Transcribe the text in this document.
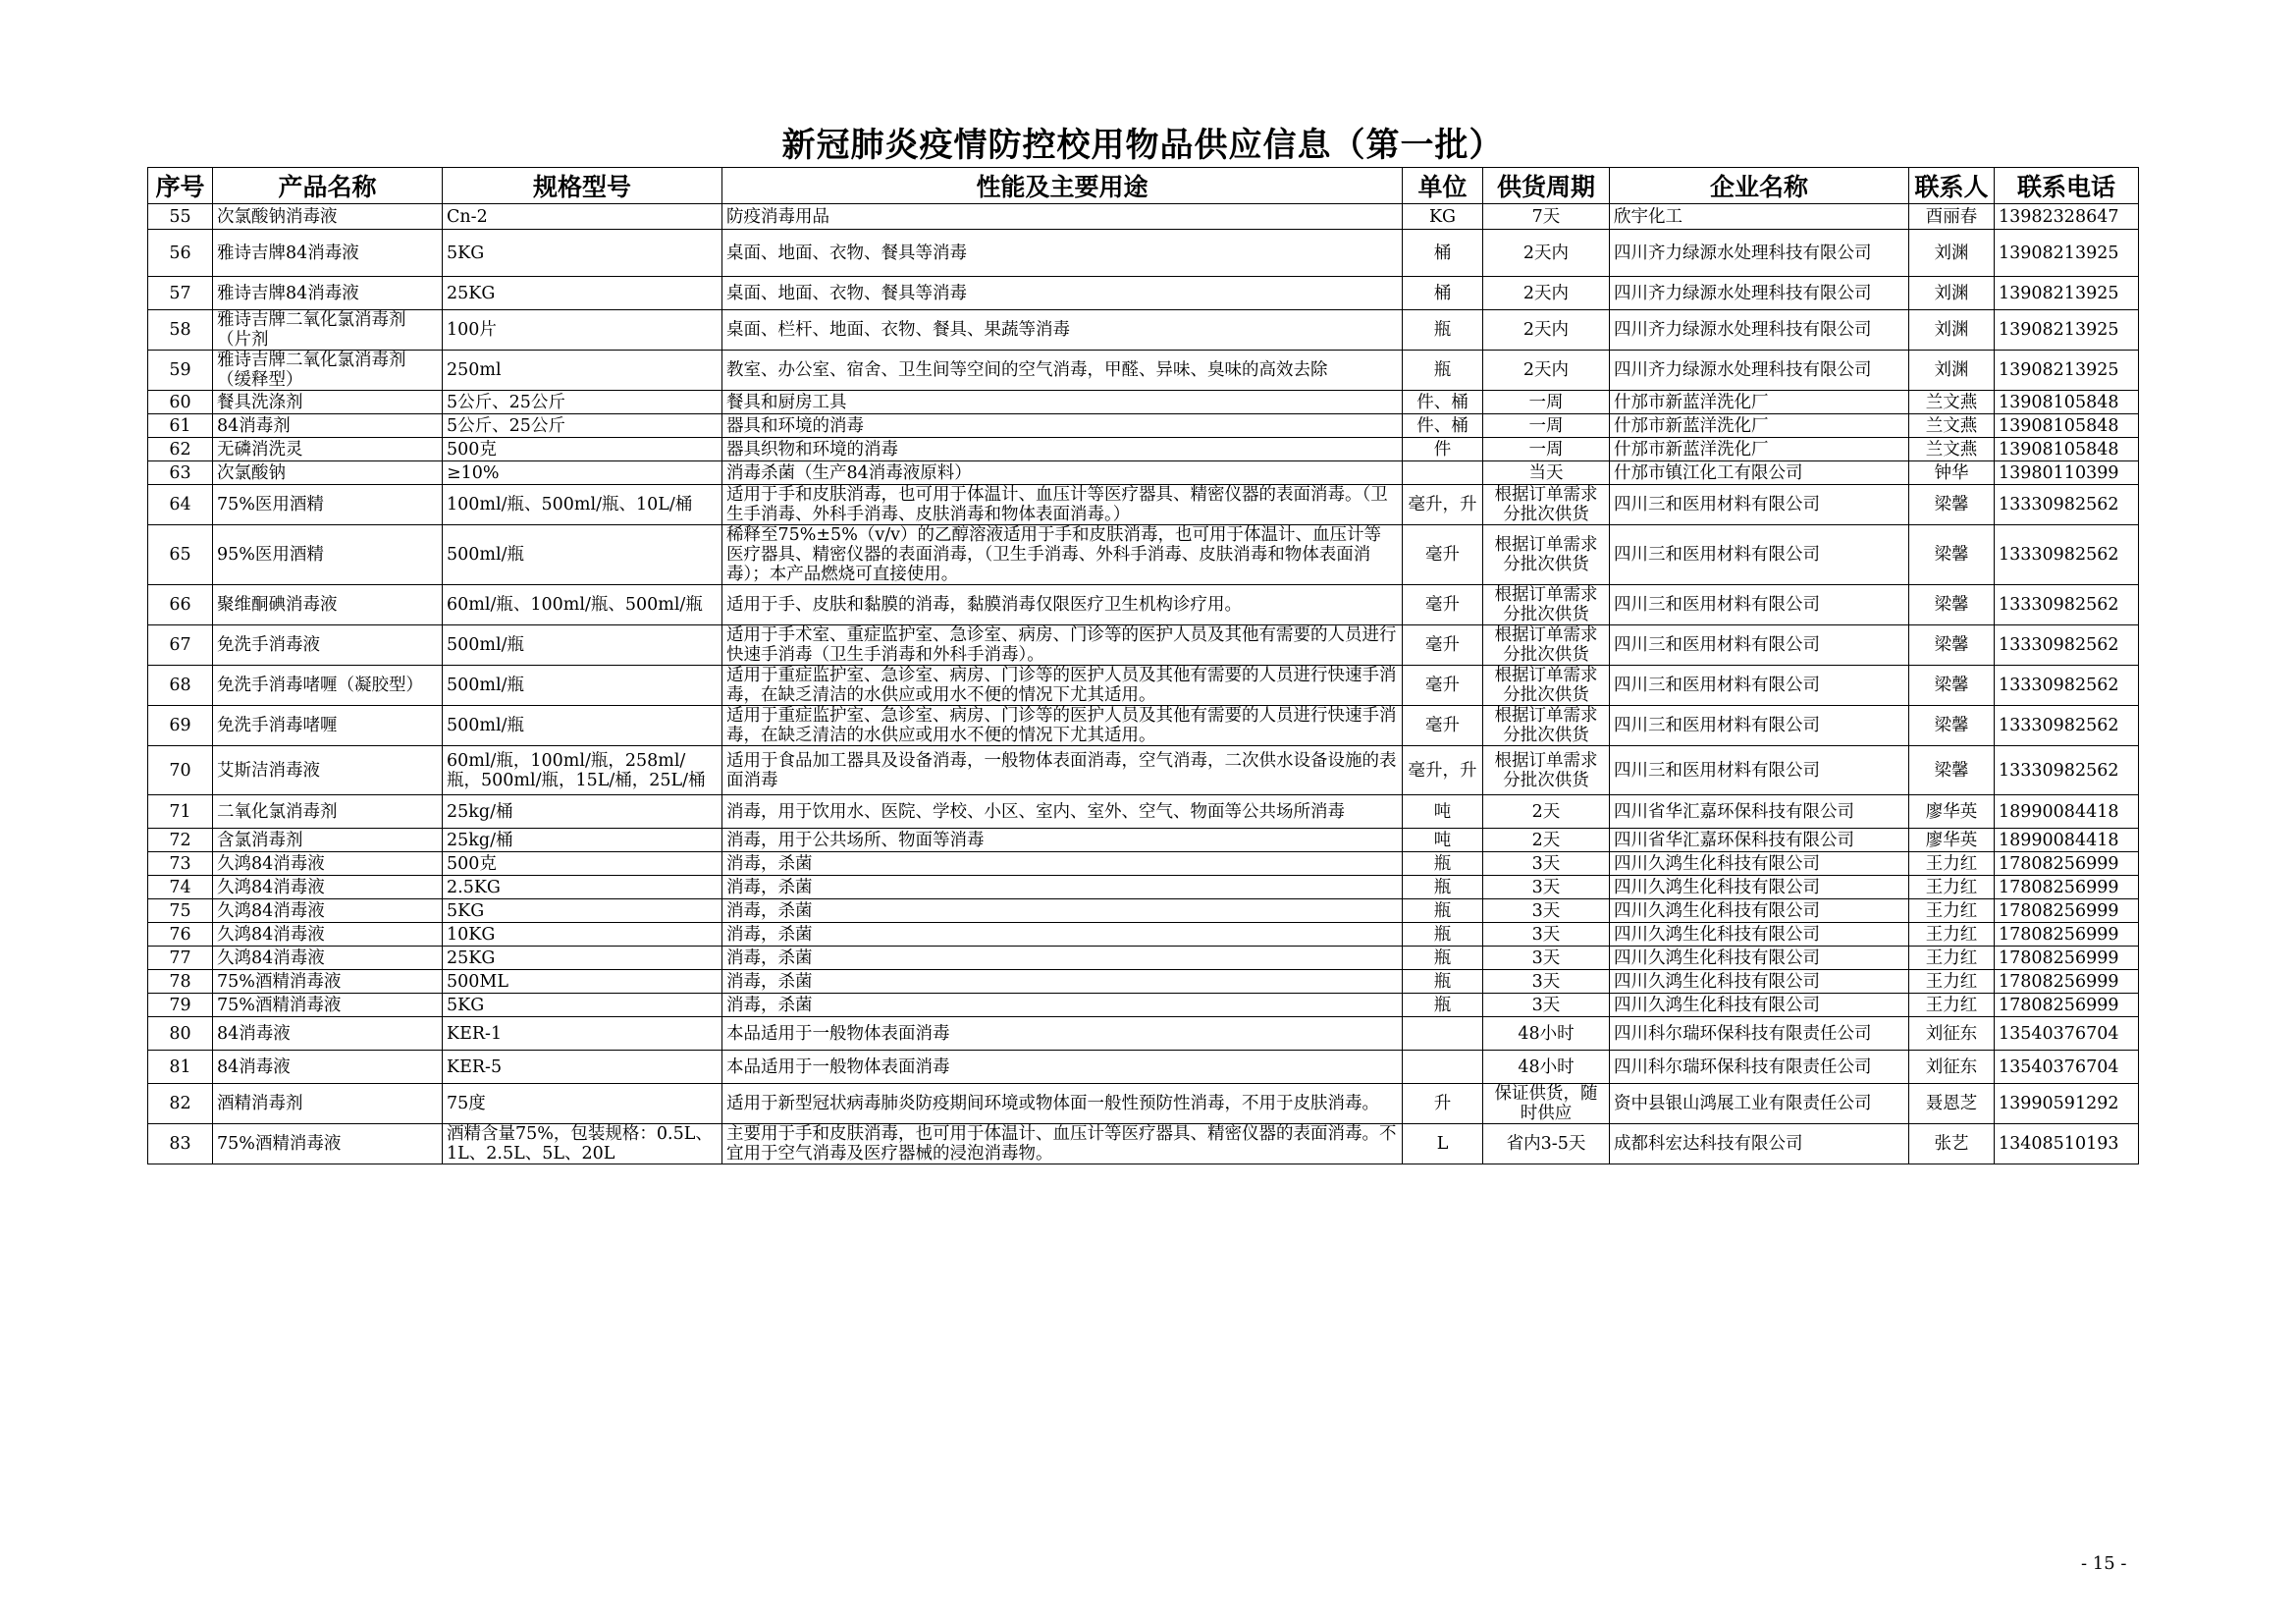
新冠肺炎疫情防控校用物品供应信息（第一批）
序号	产品名称	规格型号	性能及主要用途	单位	供货周期	企业名称	联系人	联系电话
55	次氯酸钠消毒液	Cn-2	防疫消毒用品	KG	7天	欣宇化工	酉丽春	13982328647
56	雅诗吉牌84消毒液	5KG	桌面、地面、衣物、餐具等消毒	桶	2天内	四川齐力绿源水处理科技有限公司	刘渊	13908213925
57	雅诗吉牌84消毒液	25KG	桌面、地面、衣物、餐具等消毒	桶	2天内	四川齐力绿源水处理科技有限公司	刘渊	13908213925
58	雅诗吉牌二氧化氯消毒剂（片剂	100片	桌面、栏杆、地面、衣物、餐具、果蔬等消毒	瓶	2天内	四川齐力绿源水处理科技有限公司	刘渊	13908213925
59	雅诗吉牌二氧化氯消毒剂（缓释型）	250ml	教室、办公室、宿舍、卫生间等空间的空气消毒，甲醛、异味、臭味的高效去除	瓶	2天内	四川齐力绿源水处理科技有限公司	刘渊	13908213925
60	餐具洗涤剂	5公斤、25公斤	餐具和厨房工具	件、桶	一周	什邡市新蓝洋洗化厂	兰文燕	13908105848
61	84消毒剂	5公斤、25公斤	器具和环境的消毒	件、桶	一周	什邡市新蓝洋洗化厂	兰文燕	13908105848
62	无磷消洗灵	500克	器具织物和环境的消毒	件	一周	什邡市新蓝洋洗化厂	兰文燕	13908105848
63	次氯酸钠	≥10%	消毒杀菌（生产84消毒液原料）		当天	什邡市镇江化工有限公司	钟华	13980110399
64	75%医用酒精	100ml/瓶、500ml/瓶、10L/桶	适用于手和皮肤消毒，也可用于体温计、血压计等医疗器具、精密仪器的表面消毒。（卫生手消毒、外科手消毒、皮肤消毒和物体表面消毒。）	毫升，升	根据订单需求分批次供货	四川三和医用材料有限公司	梁馨	13330982562
65	95%医用酒精	500ml/瓶	稀释至75%±5%（v/v）的乙醇溶液适用于手和皮肤消毒，也可用于体温计、血压计等医疗器具、精密仪器的表面消毒，（卫生手消毒、外科手消毒、皮肤消毒和物体表面消毒）；本产品燃烧可直接使用。	毫升	根据订单需求分批次供货	四川三和医用材料有限公司	梁馨	13330982562
66	聚维酮碘消毒液	60ml/瓶、100ml/瓶、500ml/瓶	适用于手、皮肤和黏膜的消毒，黏膜消毒仅限医疗卫生机构诊疗用。	毫升	根据订单需求分批次供货	四川三和医用材料有限公司	梁馨	13330982562
67	免洗手消毒液	500ml/瓶	适用于手术室、重症监护室、急诊室、病房、门诊等的医护人员及其他有需要的人员进行快速手消毒（卫生手消毒和外科手消毒）。	毫升	根据订单需求分批次供货	四川三和医用材料有限公司	梁馨	13330982562
68	免洗手消毒啫喱（凝胶型）	500ml/瓶	适用于重症监护室、急诊室、病房、门诊等的医护人员及其他有需要的人员进行快速手消毒，在缺乏清洁的水供应或用水不便的情况下尤其适用。	毫升	根据订单需求分批次供货	四川三和医用材料有限公司	梁馨	13330982562
69	免洗手消毒啫喱	500ml/瓶	适用于重症监护室、急诊室、病房、门诊等的医护人员及其他有需要的人员进行快速手消毒，在缺乏清洁的水供应或用水不便的情况下尤其适用。	毫升	根据订单需求分批次供货	四川三和医用材料有限公司	梁馨	13330982562
70	艾斯洁消毒液	60ml/瓶，100ml/瓶，258ml/瓶，500ml/瓶，15L/桶，25L/桶	适用于食品加工器具及设备消毒，一般物体表面消毒，空气消毒，二次供水设备设施的表面消毒	毫升，升	根据订单需求分批次供货	四川三和医用材料有限公司	梁馨	13330982562
71	二氧化氯消毒剂	25kg/桶	消毒，用于饮用水、医院、学校、小区、室内、室外、空气、物面等公共场所消毒	吨	2天	四川省华汇嘉环保科技有限公司	廖华英	18990084418
72	含氯消毒剂	25kg/桶	消毒，用于公共场所、物面等消毒	吨	2天	四川省华汇嘉环保科技有限公司	廖华英	18990084418
73	久鸿84消毒液	500克	消毒，杀菌	瓶	3天	四川久鸿生化科技有限公司	王力红	17808256999
74	久鸿84消毒液	2.5KG	消毒，杀菌	瓶	3天	四川久鸿生化科技有限公司	王力红	17808256999
75	久鸿84消毒液	5KG	消毒，杀菌	瓶	3天	四川久鸿生化科技有限公司	王力红	17808256999
76	久鸿84消毒液	10KG	消毒，杀菌	瓶	3天	四川久鸿生化科技有限公司	王力红	17808256999
77	久鸿84消毒液	25KG	消毒，杀菌	瓶	3天	四川久鸿生化科技有限公司	王力红	17808256999
78	75%酒精消毒液	500ML	消毒，杀菌	瓶	3天	四川久鸿生化科技有限公司	王力红	17808256999
79	75%酒精消毒液	5KG	消毒，杀菌	瓶	3天	四川久鸿生化科技有限公司	王力红	17808256999
80	84消毒液	KER-1	本品适用于一般物体表面消毒		48小时	四川科尔瑞环保科技有限责任公司	刘征东	13540376704
81	84消毒液	KER-5	本品适用于一般物体表面消毒		48小时	四川科尔瑞环保科技有限责任公司	刘征东	13540376704
82	酒精消毒剂	75度	适用于新型冠状病毒肺炎防疫期间环境或物体面一般性预防性消毒，不用于皮肤消毒。	升	保证供货，随时供应	资中县银山鸿展工业有限责任公司	聂恩芝	13990591292
83	75%酒精消毒液	酒精含量75%，包装规格：0.5L、1L、2.5L、5L、20L	主要用于手和皮肤消毒，也可用于体温计、血压计等医疗器具、精密仪器的表面消毒。不宜用于空气消毒及医疗器械的浸泡消毒物。	L	省内3-5天	成都科宏达科技有限公司	张艺	13408510193
- 15 -
